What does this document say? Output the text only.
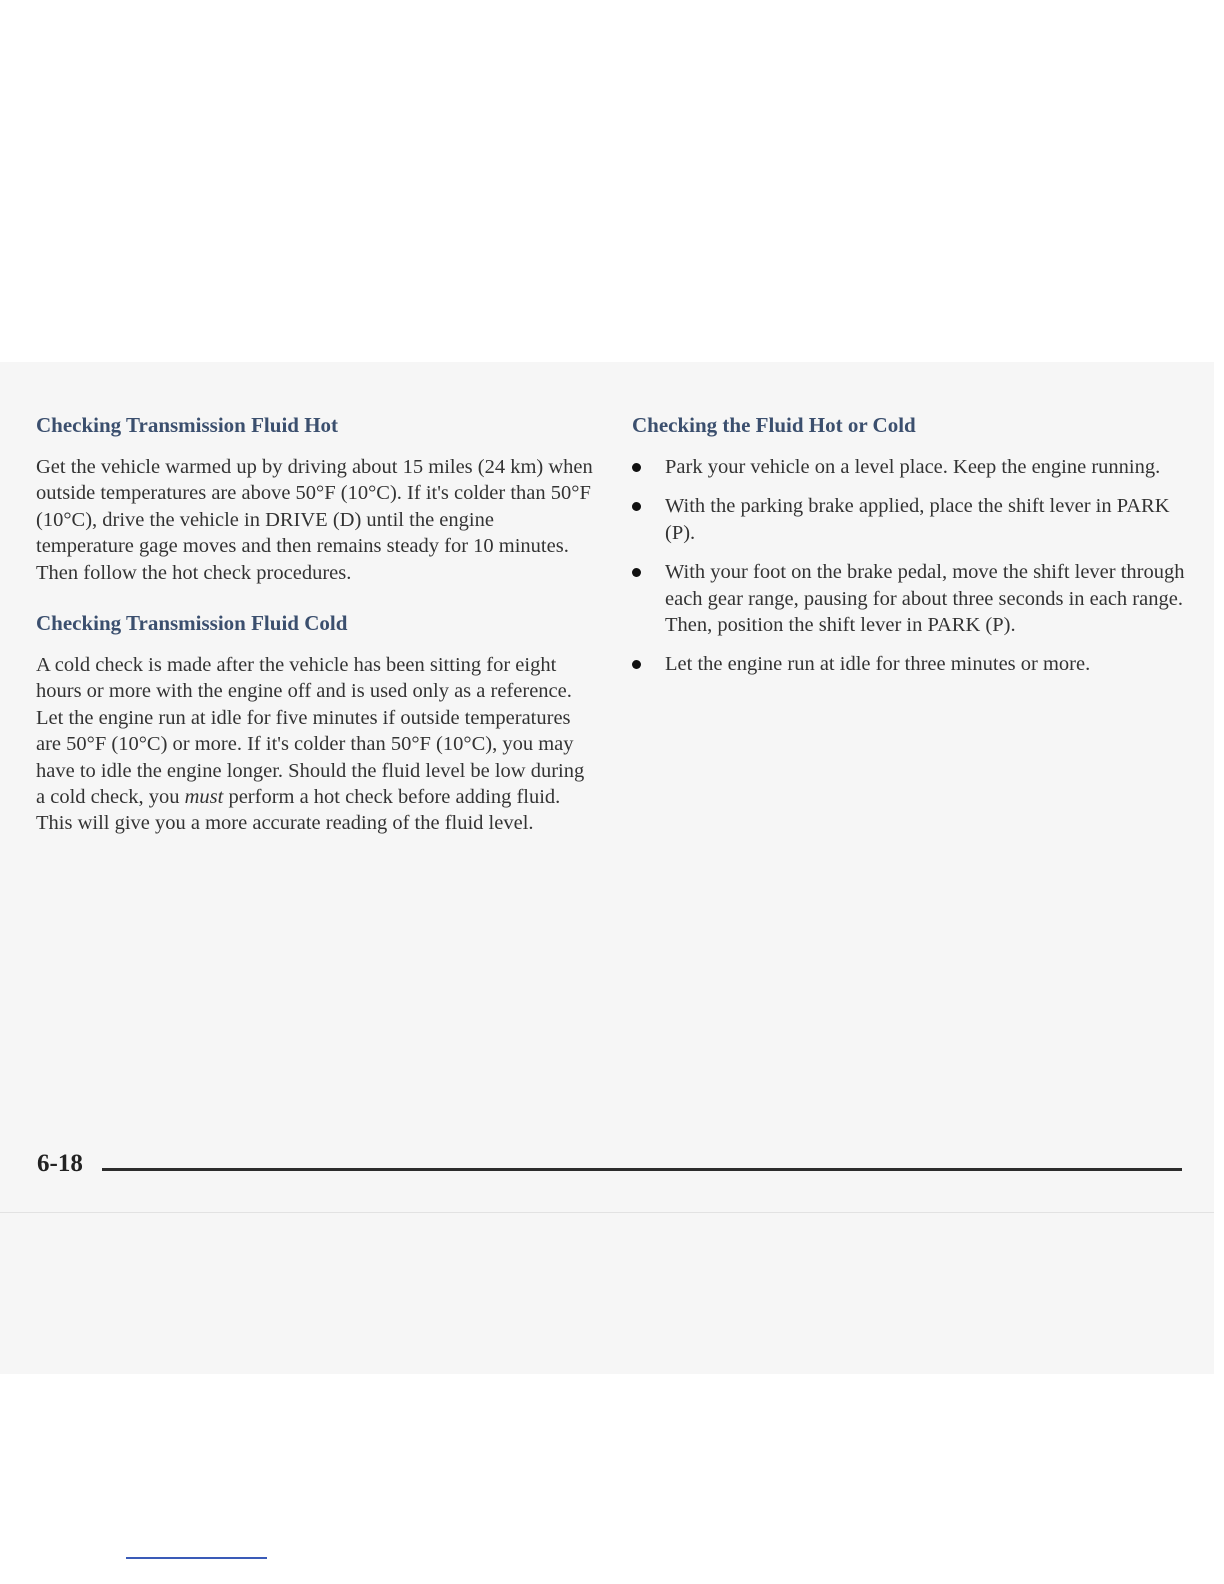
Checking Transmission Fluid Hot

Get the vehicle warmed up by driving about 15 miles (24 km) when outside temperatures are above 50°F (10°C). If it's colder than 50°F (10°C), drive the vehicle in DRIVE (D) until the engine temperature gage moves and then remains steady for 10 minutes. Then follow the hot check procedures.

Checking Transmission Fluid Cold

A cold check is made after the vehicle has been sitting for eight hours or more with the engine off and is used only as a reference. Let the engine run at idle for five minutes if outside temperatures are 50°F (10°C) or more. If it's colder than 50°F (10°C), you may have to idle the engine longer. Should the fluid level be low during a cold check, you must perform a hot check before adding fluid. This will give you a more accurate reading of the fluid level.

Checking the Fluid Hot or Cold
Park your vehicle on a level place. Keep the engine running.
With the parking brake applied, place the shift lever in PARK (P).
With your foot on the brake pedal, move the shift lever through each gear range, pausing for about three seconds in each range. Then, position the shift lever in PARK (P).
Let the engine run at idle for three minutes or more.
6-18
